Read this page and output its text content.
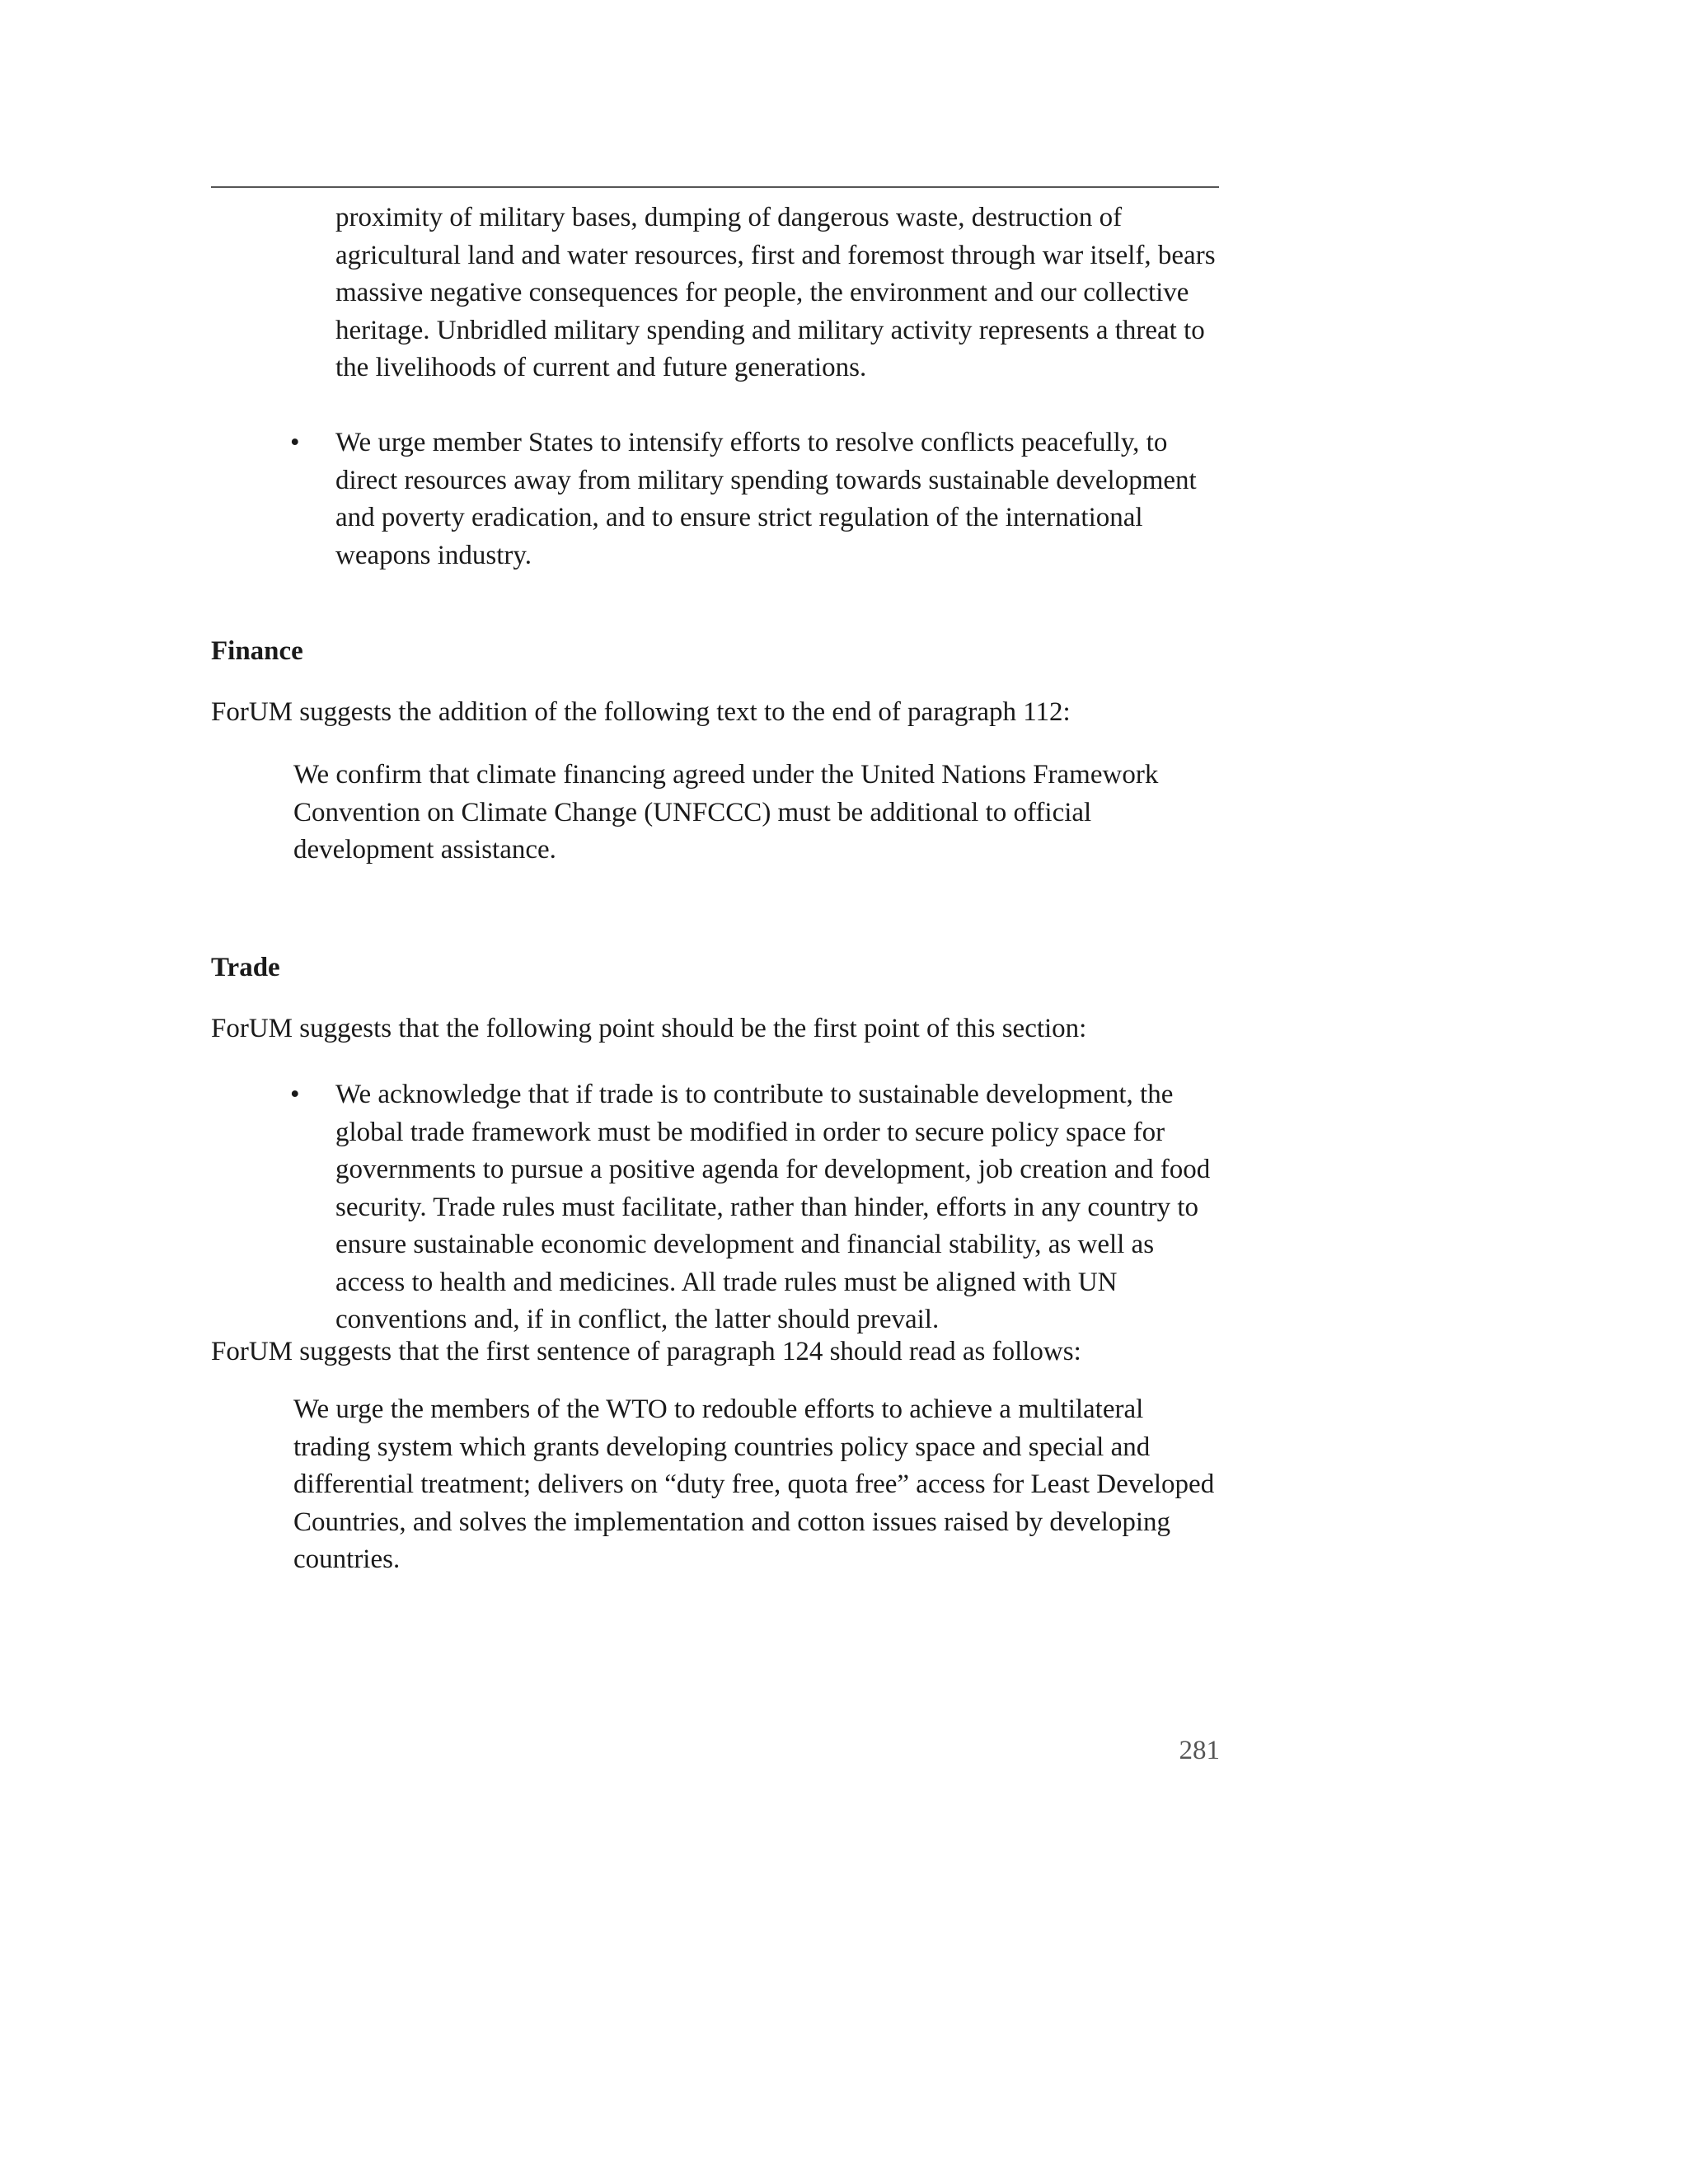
proximity of military bases, dumping of dangerous waste, destruction of agricultural land and water resources, first and foremost through war itself, bears massive negative consequences for people, the environment and our collective heritage. Unbridled military spending and military activity represents a threat to the livelihoods of current and future generations.

• We urge member States to intensify efforts to resolve conflicts peacefully, to direct resources away from military spending towards sustainable development and poverty eradication, and to ensure strict regulation of the international weapons industry.

Finance

ForUM suggests the addition of the following text to the end of paragraph 112:

We confirm that climate financing agreed under the United Nations Framework Convention on Climate Change (UNFCCC) must be additional to official development assistance.

Trade

ForUM suggests that the following point should be the first point of this section:

• We acknowledge that if trade is to contribute to sustainable development, the global trade framework must be modified in order to secure policy space for governments to pursue a positive agenda for development, job creation and food security. Trade rules must facilitate, rather than hinder, efforts in any country to ensure sustainable economic development and financial stability, as well as access to health and medicines. All trade rules must be aligned with UN conventions and, if in conflict, the latter should prevail.

ForUM suggests that the first sentence of paragraph 124 should read as follows:

We urge the members of the WTO to redouble efforts to achieve a multilateral trading system which grants developing countries policy space and special and differential treatment; delivers on “duty free, quota free” access for Least Developed Countries, and solves the implementation and cotton issues raised by developing countries.

281
